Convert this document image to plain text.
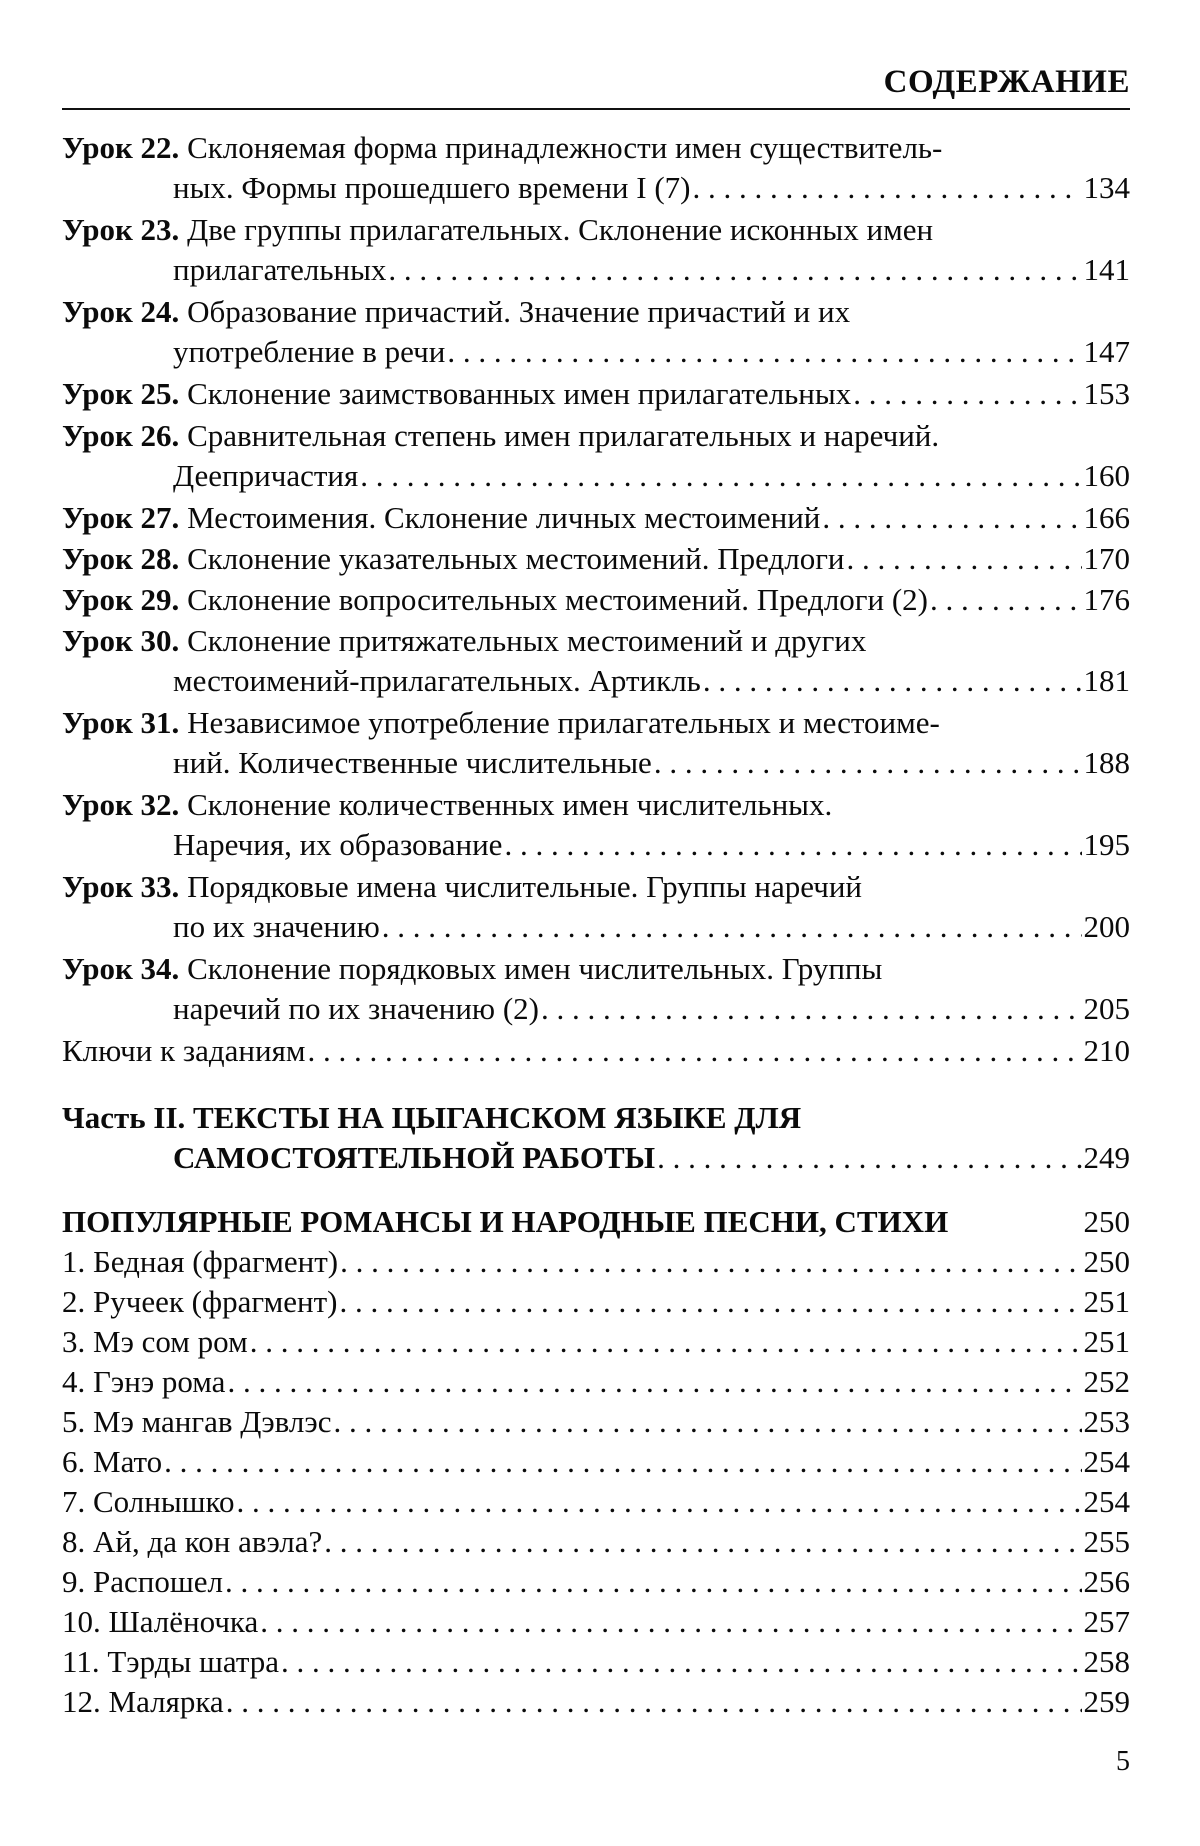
СОДЕРЖАНИЕ
Урок 22. Склоняемая форма принадлежности имен существитель-
ных. Формы прошедшего времени I (7) . . .	134
Урок 23. Две группы прилагательных. Склонение исконных имен
прилагательных . . .	141
Урок 24. Образование причастий. Значение причастий и их
употребление в речи . . .	147
Урок 25. Склонение заимствованных имен прилагательных . . .	153
Урок 26. Сравнительная степень имен прилагательных и наречий.
Деепричастия . . .	160
Урок 27. Местоимения. Склонение личных местоимений . . .	166
Урок 28. Склонение указательных местоимений. Предлоги . . .	170
Урок 29. Склонение вопросительных местоимений. Предлоги (2) . . .	176
Урок 30. Склонение притяжательных местоимений и других
местоимений-прилагательных. Артикль . . .	181
Урок 31. Независимое употребление прилагательных и местоиме-
ний. Количественные числительные . . .	188
Урок 32. Склонение количественных имен числительных.
Наречия, их образование . . .	195
Урок 33. Порядковые имена числительные. Группы наречий
по их значению . . .	200
Урок 34. Склонение порядковых имен числительных. Группы
наречий по их значению (2) . . .	205
Ключи к заданиям . . .	210
Часть II. ТЕКСТЫ НА ЦЫГАНСКОМ ЯЗЫКЕ ДЛЯ
САМОСТОЯТЕЛЬНОЙ РАБОТЫ . . .	249
ПОПУЛЯРНЫЕ РОМАНСЫ И НАРОДНЫЕ ПЕСНИ, СТИХИ	250
1. Бедная (фрагмент) . . .	250
2. Ручеек (фрагмент) . . .	251
3. Мэ сом ром . . .	251
4. Гэнэ рома . . .	252
5. Мэ мангав Дэвлэс . . .	253
6. Мато . . .	254
7. Солнышко . . .	254
8. Ай, да кон авэла? . . .	255
9. Распошел . . .	256
10. Шалёночка . . .	257
11. Тэрды шатра . . .	258
12. Малярка . . .	259
5
